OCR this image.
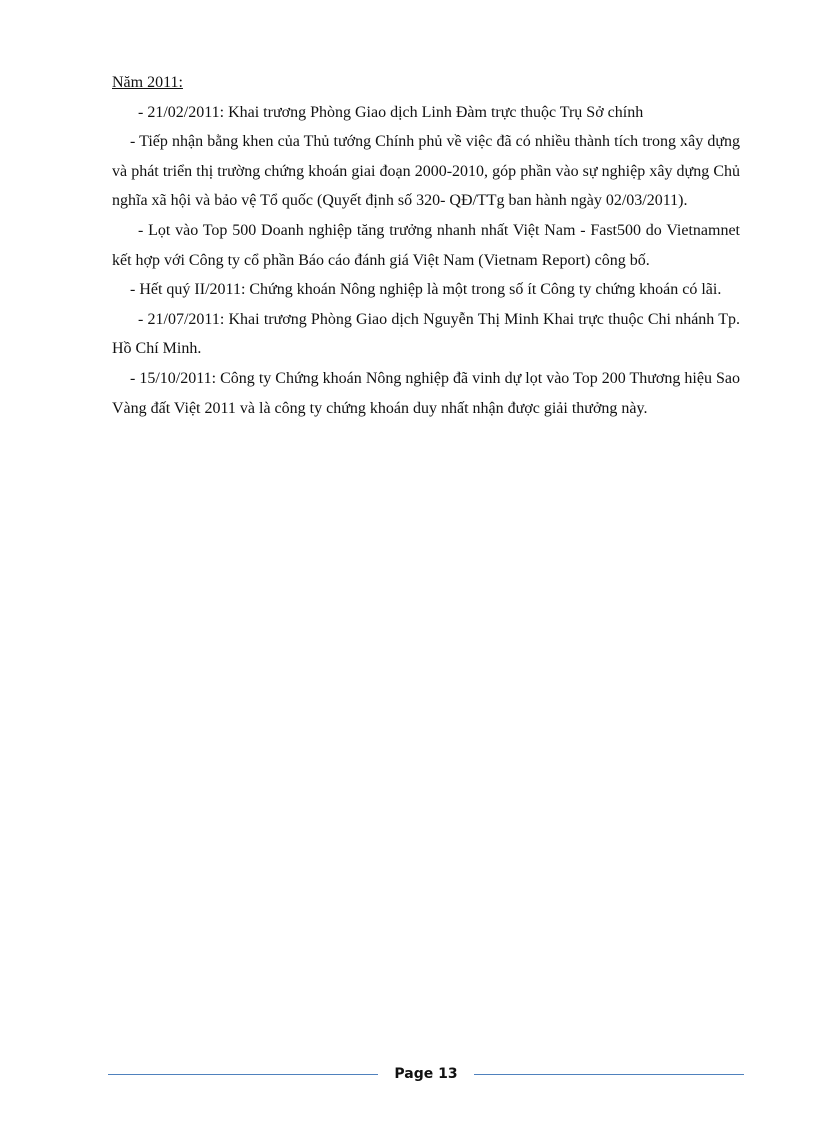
Năm 2011:

- 21/02/2011: Khai trương Phòng Giao dịch Linh Đàm trực thuộc Trụ Sở chính

- Tiếp nhận bằng khen của Thủ tướng Chính phủ về việc đã có nhiều thành tích trong xây dựng và phát triển thị trường chứng khoán giai đoạn 2000-2010, góp phần vào sự nghiệp xây dựng Chủ nghĩa xã hội và bảo vệ Tổ quốc (Quyết định số 320- QĐ/TTg ban hành ngày 02/03/2011).

- Lọt vào Top 500 Doanh nghiệp tăng trưởng nhanh nhất Việt Nam - Fast500 do Vietnamnet kết hợp với Công ty cổ phần Báo cáo đánh giá Việt Nam (Vietnam Report) công bố.

- Hết quý II/2011: Chứng khoán Nông nghiệp là một trong số ít Công ty chứng khoán có lãi.

- 21/07/2011: Khai trương Phòng Giao dịch Nguyễn Thị Minh Khai trực thuộc Chi nhánh Tp. Hồ Chí Minh.

- 15/10/2011: Công ty Chứng khoán Nông nghiệp đã vinh dự lọt vào Top 200 Thương hiệu Sao Vàng đất Việt 2011 và là công ty chứng khoán duy nhất nhận được giải thưởng này.

Page 13
